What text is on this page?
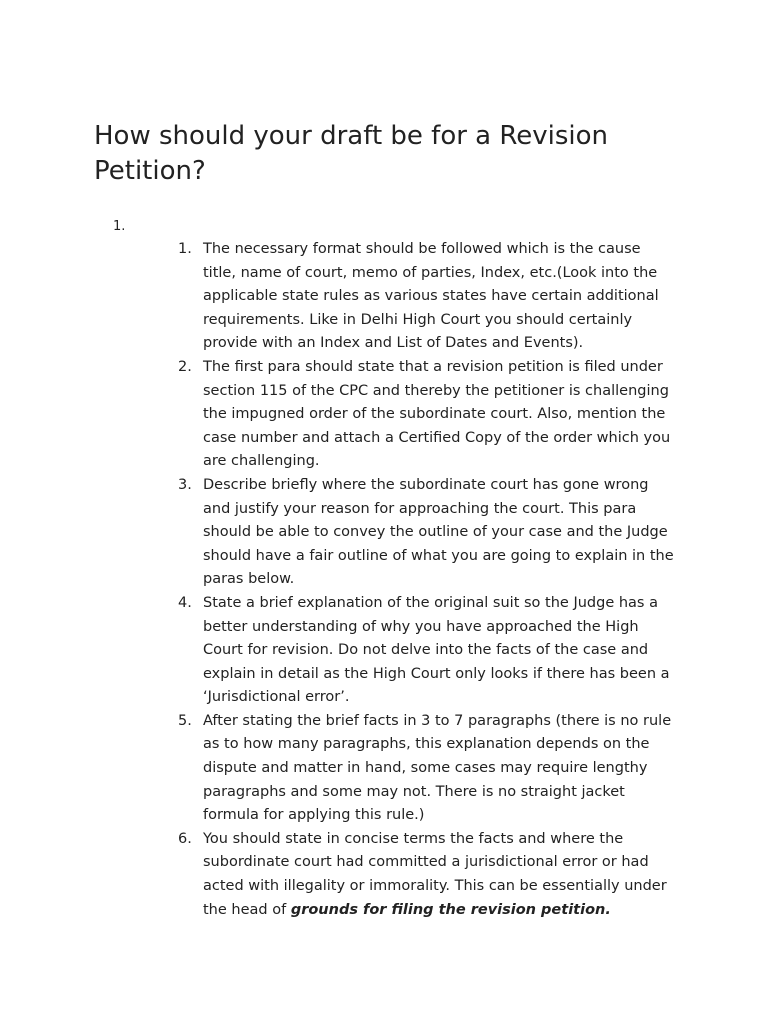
How should your draft be for a Revision Petition?
1.
1. The necessary format should be followed which is the cause title, name of court, memo of parties, Index, etc.(Look into the applicable state rules as various states have certain additional requirements. Like in Delhi High Court you should certainly provide with an Index and List of Dates and Events).
2. The first para should state that a revision petition is filed under section 115 of the CPC and thereby the petitioner is challenging the impugned order of the subordinate court. Also, mention the case number and attach a Certified Copy of the order which you are challenging.
3. Describe briefly where the subordinate court has gone wrong and justify your reason for approaching the court. This para should be able to convey the outline of your case and the Judge should have a fair outline of what you are going to explain in the paras below.
4. State a brief explanation of the original suit so the Judge has a better understanding of why you have approached the High Court for revision. Do not delve into the facts of the case and explain in detail as the High Court only looks if there has been a ‘Jurisdictional error’.
5. After stating the brief facts in 3 to 7 paragraphs (there is no rule as to how many paragraphs, this explanation depends on the dispute and matter in hand, some cases may require lengthy paragraphs and some may not. There is no straight jacket formula for applying this rule.)
6. You should state in concise terms the facts and where the subordinate court had committed a jurisdictional error or had acted with illegality or immorality. This can be essentially under the head of grounds for filing the revision petition.
